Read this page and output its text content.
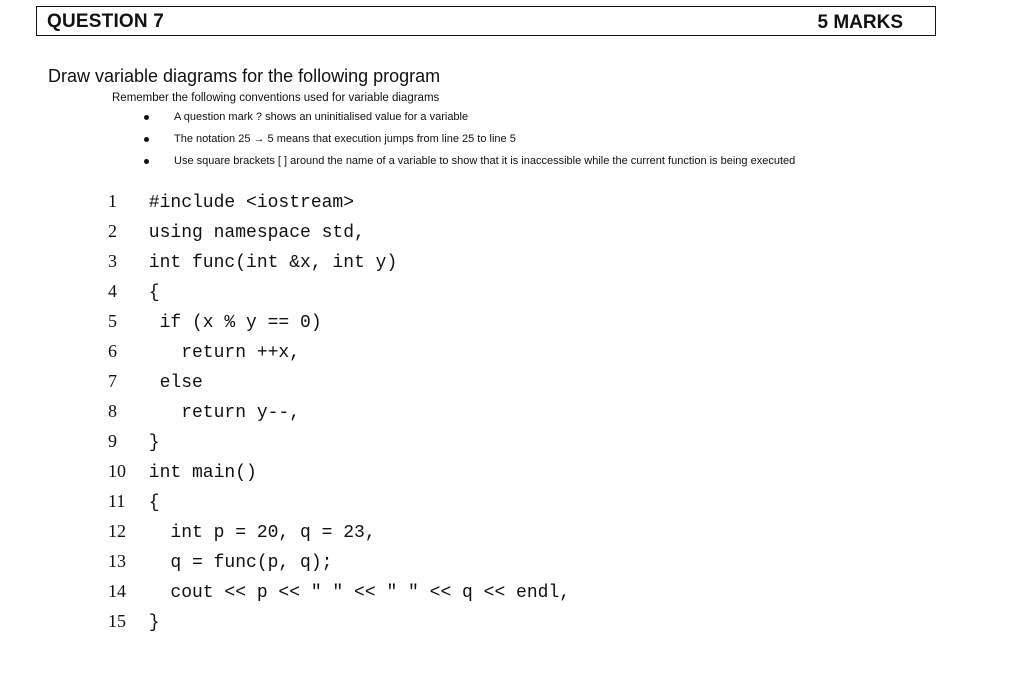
QUESTION 7	5 MARKS
Draw variable diagrams for the following program
Remember the following conventions used for variable diagrams
A question mark ? shows an uninitialised value for a variable
The notation 25 → 5 means that execution jumps from line 25 to line 5
Use square brackets [ ] around the name of a variable to show that it is inaccessible while the current function is being executed
1 #include <iostream>
2 using namespace std,
3 int func(int &x, int y)
4 {
5  if (x % y == 0)
6    return ++x,
7  else
8    return y--,
9 }
10 int main()
11 {
12   int p = 20, q = 23,
13   q = func(p, q);
14   cout << p << " " << " " << q << endl,
15 }
